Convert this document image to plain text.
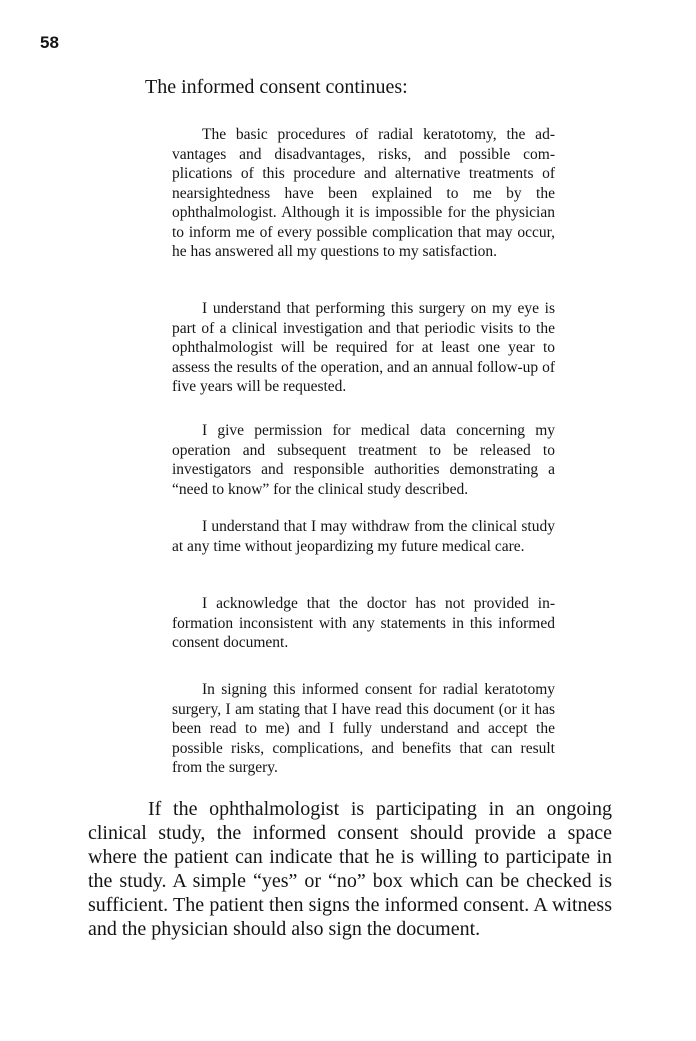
58
The informed consent continues:

The basic procedures of radial keratotomy, the advantages and disadvantages, risks, and possible complications of this procedure and alternative treatments of nearsightedness have been explained to me by the ophthalmologist. Although it is impossible for the physician to inform me of every possible complication that may occur, he has answered all my questions to my satisfaction.

I understand that performing this surgery on my eye is part of a clinical investigation and that periodic visits to the ophthalmologist will be required for at least one year to assess the results of the operation, and an annual follow-up of five years will be requested.

I give permission for medical data concerning my operation and subsequent treatment to be released to investigators and responsible authorities demonstrating a “need to know” for the clinical study described.

I understand that I may withdraw from the clinical study at any time without jeopardizing my future medical care.

I acknowledge that the doctor has not provided information inconsistent with any statements in this informed consent document.

In signing this informed consent for radial keratotomy surgery, I am stating that I have read this document (or it has been read to me) and I fully understand and accept the possible risks, complications, and benefits that can result from the surgery.

If the ophthalmologist is participating in an ongoing clinical study, the informed consent should provide a space where the patient can indicate that he is willing to participate in the study. A simple “yes” or “no” box which can be checked is sufficient. The patient then signs the informed consent. A witness and the physician should also sign the document.
